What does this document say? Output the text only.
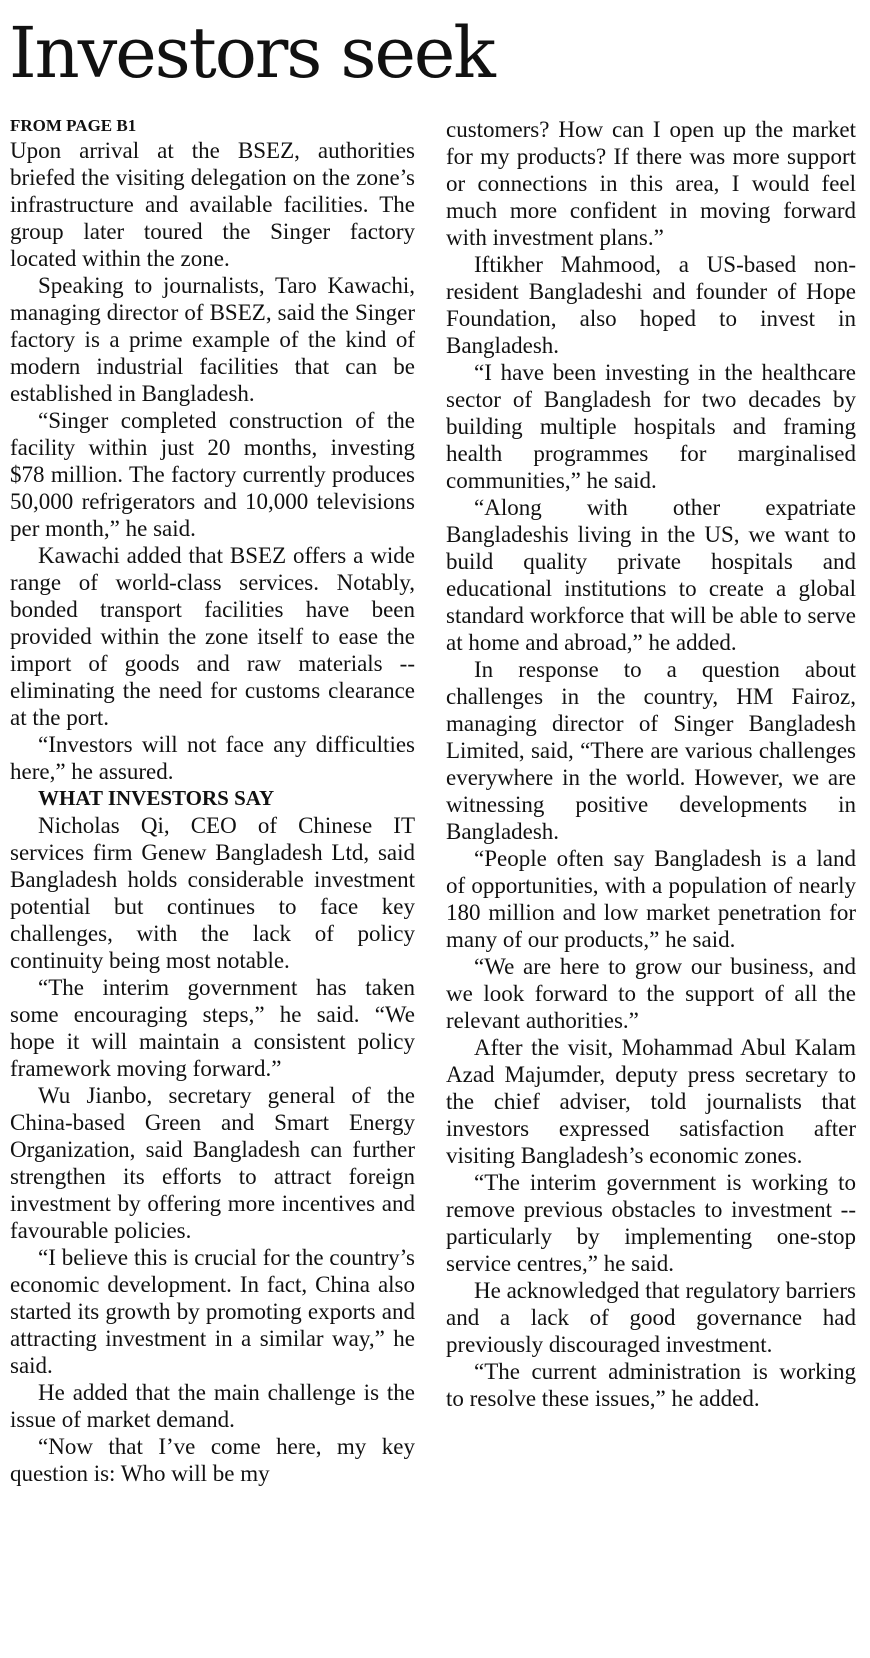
Investors seek
FROM PAGE B1

Upon arrival at the BSEZ, authorities briefed the visiting delegation on the zone’s infrastructure and available facilities. The group later toured the Singer factory located within the zone.

Speaking to journalists, Taro Kawachi, managing director of BSEZ, said the Singer factory is a prime example of the kind of modern industrial facilities that can be established in Bangladesh.

“Singer completed construction of the facility within just 20 months, investing $78 million. The factory currently produces 50,000 refrigerators and 10,000 televisions per month,” he said.

Kawachi added that BSEZ offers a wide range of world-class services. Notably, bonded transport facilities have been provided within the zone itself to ease the import of goods and raw materials -- eliminating the need for customs clearance at the port.

“Investors will not face any difficulties here,” he assured.

WHAT INVESTORS SAY

Nicholas Qi, CEO of Chinese IT services firm Genew Bangladesh Ltd, said Bangladesh holds considerable investment potential but continues to face key challenges, with the lack of policy continuity being most notable.

“The interim government has taken some encouraging steps,” he said. “We hope it will maintain a consistent policy framework moving forward.”

Wu Jianbo, secretary general of the China-based Green and Smart Energy Organization, said Bangladesh can further strengthen its efforts to attract foreign investment by offering more incentives and favourable policies.

“I believe this is crucial for the country’s economic development. In fact, China also started its growth by promoting exports and attracting investment in a similar way,” he said.

He added that the main challenge is the issue of market demand.

“Now that I’ve come here, my key question is: Who will be my

customers? How can I open up the market for my products? If there was more support or connections in this area, I would feel much more confident in moving forward with investment plans.”

Iftikher Mahmood, a US-based non-resident Bangladeshi and founder of Hope Foundation, also hoped to invest in Bangladesh.

“I have been investing in the healthcare sector of Bangladesh for two decades by building multiple hospitals and framing health programmes for marginalised communities,” he said.

“Along with other expatriate Bangladeshis living in the US, we want to build quality private hospitals and educational institutions to create a global standard workforce that will be able to serve at home and abroad,” he added.

In response to a question about challenges in the country, HM Fairoz, managing director of Singer Bangladesh Limited, said, “There are various challenges everywhere in the world. However, we are witnessing positive developments in Bangladesh.

“People often say Bangladesh is a land of opportunities, with a population of nearly 180 million and low market penetration for many of our products,” he said.

“We are here to grow our business, and we look forward to the support of all the relevant authorities.”

After the visit, Mohammad Abul Kalam Azad Majumder, deputy press secretary to the chief adviser, told journalists that investors expressed satisfaction after visiting Bangladesh’s economic zones.

“The interim government is working to remove previous obstacles to investment -- particularly by implementing one-stop service centres,” he said.

He acknowledged that regulatory barriers and a lack of good governance had previously discouraged investment.

“The current administration is working to resolve these issues,” he added.
